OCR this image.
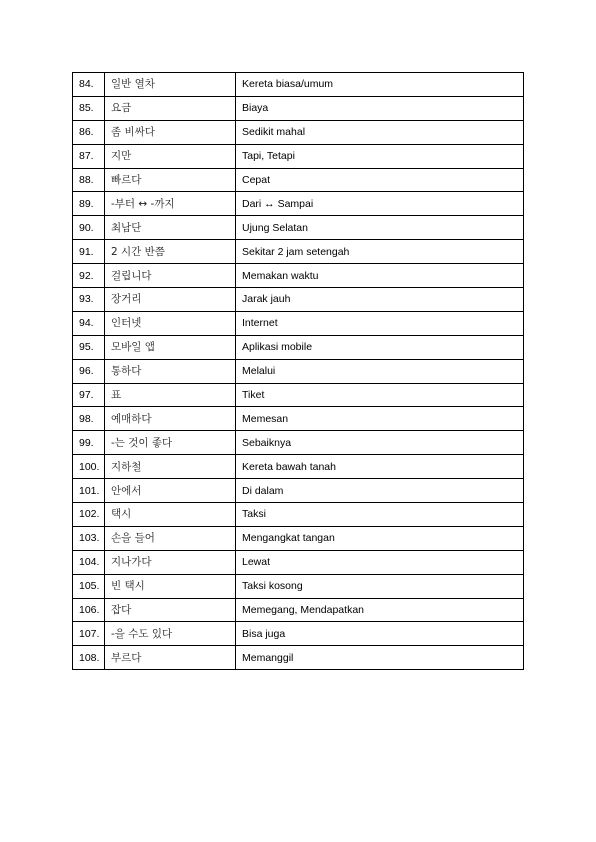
84.	일반 열차	Kereta biasa/umum
85.	요금	Biaya
86.	좀 비싸다	Sedikit mahal
87.	지만	Tapi, Tetapi
88.	빠르다	Cepat
89.	-부터 ↔ -까지	Dari ↔ Sampai
90.	최남단	Ujung Selatan
91.	2 시간 반쯤	Sekitar 2 jam setengah
92.	걸립니다	Memakan waktu
93.	장거리	Jarak jauh
94.	인터넷	Internet
95.	모바일 앱	Aplikasi mobile
96.	통하다	Melalui
97.	표	Tiket
98.	예매하다	Memesan
99.	-는 것이 좋다	Sebaiknya
100.	지하철	Kereta bawah tanah
101.	안에서	Di dalam
102.	택시	Taksi
103.	손을 들어	Mengangkat tangan
104.	지나가다	Lewat
105.	빈 택시	Taksi kosong
106.	잡다	Memegang, Mendapatkan
107.	-을 수도 있다	Bisa juga
108.	부르다	Memanggil
